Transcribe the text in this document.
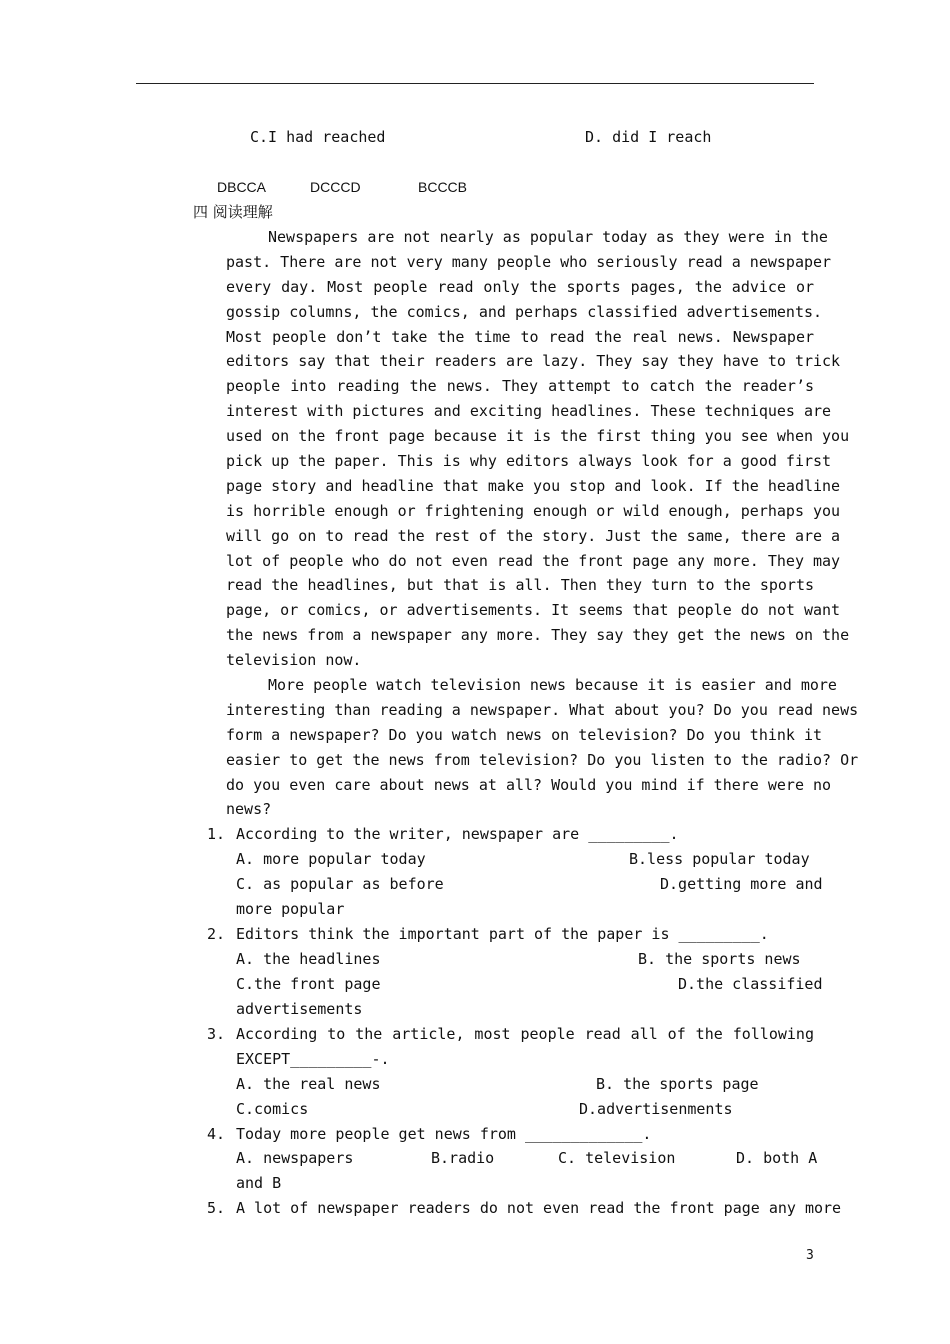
C.I had reached	D. did I reach
DBCCA	DCCCD	BCCCB
四 阅读理解
Newspapers are not nearly as popular today as they were in the
past. There are not very many people who seriously read a newspaper
every day. Most people read only the sports pages, the advice or
gossip columns, the comics, and perhaps classified advertisements.
Most people don’t take the time to read the real news. Newspaper
editors say that their readers are lazy. They say they have to trick
people into reading the news. They attempt to catch the reader’s
interest with pictures and exciting headlines. These techniques are
used on the front page because it is the first thing you see when you
pick up the paper. This is why editors always look for a good first
page story and headline that make you stop and look. If the headline
is horrible enough or frightening enough or wild enough, perhaps you
will go on to read the rest of the story. Just the same, there are a
lot of people who do not even read the front page any more. They may
read the headlines, but that is all. Then they turn to the sports
page, or comics, or advertisements. It seems that people do not want
the news from a newspaper any more. They say they get the news on the
television now.
More people watch television news because it is easier and more
interesting than reading a newspaper. What about you? Do you read news
form a newspaper? Do you watch news on television? Do you think it
easier to get the news from television? Do you listen to the radio? Or
do you even care about news at all? Would you mind if there were no
news?
1. According to the writer, newspaper are _________.
A. more popular today	B.less popular today
C. as popular as before	D.getting more and
more popular
2. Editors think the important part of the paper is _________.
A. the headlines	B. the sports news
C.the front page	D.the classified
advertisements
3. According to the article, most people read all of the following
EXCEPT_________-.
A. the real news	B. the sports page
C.comics	D.advertisenments
4. Today more people get news from _____________.
A. newspapers	B.radio	C. television	D. both A
and B
5. A lot of newspaper readers do not even read the front page any more
3
